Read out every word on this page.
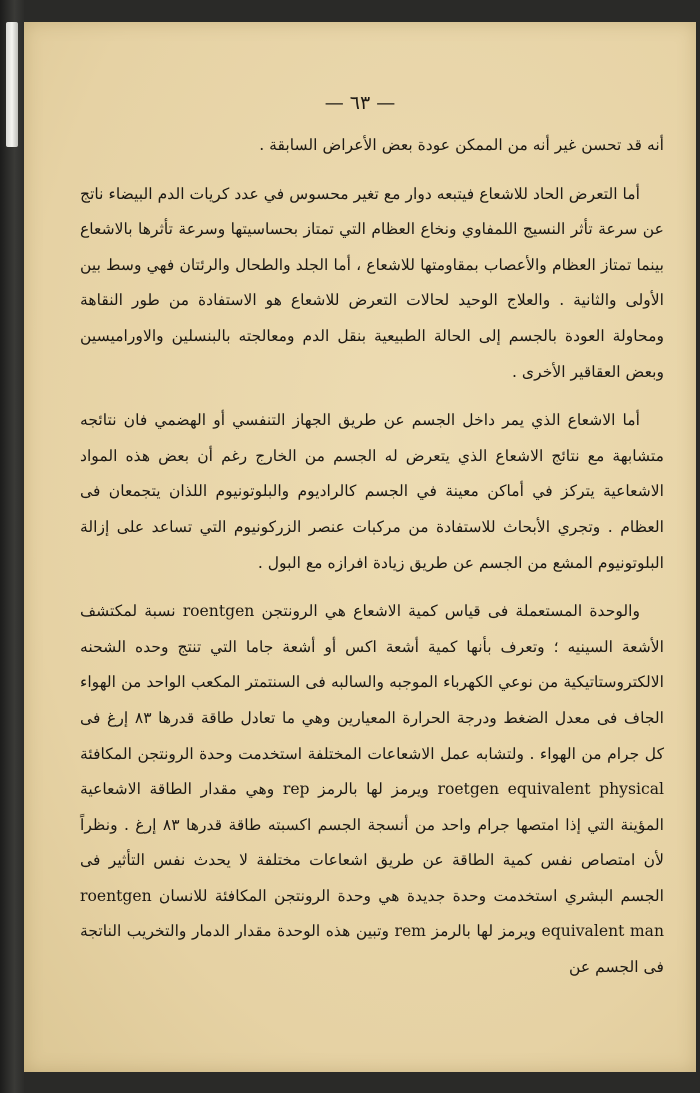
— ٦٣ —

أنه قد تحسن غير أنه من الممكن عودة بعض الأعراض السابقة .

أما التعرض الحاد للاشعاع فيتبعه دوار مع تغير محسوس في عدد كريات الدم البيضاء ناتج عن سرعة تأثر النسيج اللمفاوي ونخاع العظام التي تمتاز بحساسيتها وسرعة تأثرها بالاشعاع بينما تمتاز العظام والأعصاب بمقاومتها للاشعاع ، أما الجلد والطحال والرئتان فهي وسط بين الأولى والثانية . والعلاج الوحيد لحالات التعرض للاشعاع هو الاستفادة من طور النقاهة ومحاولة العودة بالجسم إلى الحالة الطبيعية بنقل الدم ومعالجته بالبنسلين والاوراميسين وبعض العقاقير الأخرى .

أما الاشعاع الذي يمر داخل الجسم عن طريق الجهاز التنفسي أو الهضمي فان نتائجه متشابهة مع نتائج الاشعاع الذي يتعرض له الجسم من الخارج رغم أن بعض هذه المواد الاشعاعية يتركز في أماكن معينة في الجسم كالراديوم والبلوتونيوم اللذان يتجمعان فى العظام . وتجري الأبحاث للاستفادة من مركبات عنصر الزركونيوم التي تساعد على إزالة البلوتونيوم المشع من الجسم عن طريق زيادة افرازه مع البول .

والوحدة المستعملة فى قياس كمية الاشعاع هي الرونتجن roentgen نسبة لمكتشف الأشعة السينيه ؛ وتعرف بأنها كمية أشعة اكس أو أشعة جاما التي تنتج وحده الشحنه الالكتروستاتيكية من نوعي الكهرباء الموجبه والسالبه فى السنتمتر المكعب الواحد من الهواء الجاف فى معدل الضغط ودرجة الحرارة المعيارين وهي ما تعادل طاقة قدرها ٨٣ إرغ فى كل جرام من الهواء . ولتشابه عمل الاشعاعات المختلفة استخدمت وحدة الرونتجن المكافئة roetgen equivalent physical ويرمز لها بالرمز rep وهي مقدار الطاقة الاشعاعية المؤينة التي إذا امتصها جرام واحد من أنسجة الجسم اكسبته طاقة قدرها ٨٣ إرغ . ونظراً لأن امتصاص نفس كمية الطاقة عن طريق اشعاعات مختلفة لا يحدث نفس التأثير فى الجسم البشري استخدمت وحدة جديدة هي وحدة الرونتجن المكافئة للانسان roentgen equivalent man ويرمز لها بالرمز rem وتبين هذه الوحدة مقدار الدمار والتخريب الناتجة فى الجسم عن
